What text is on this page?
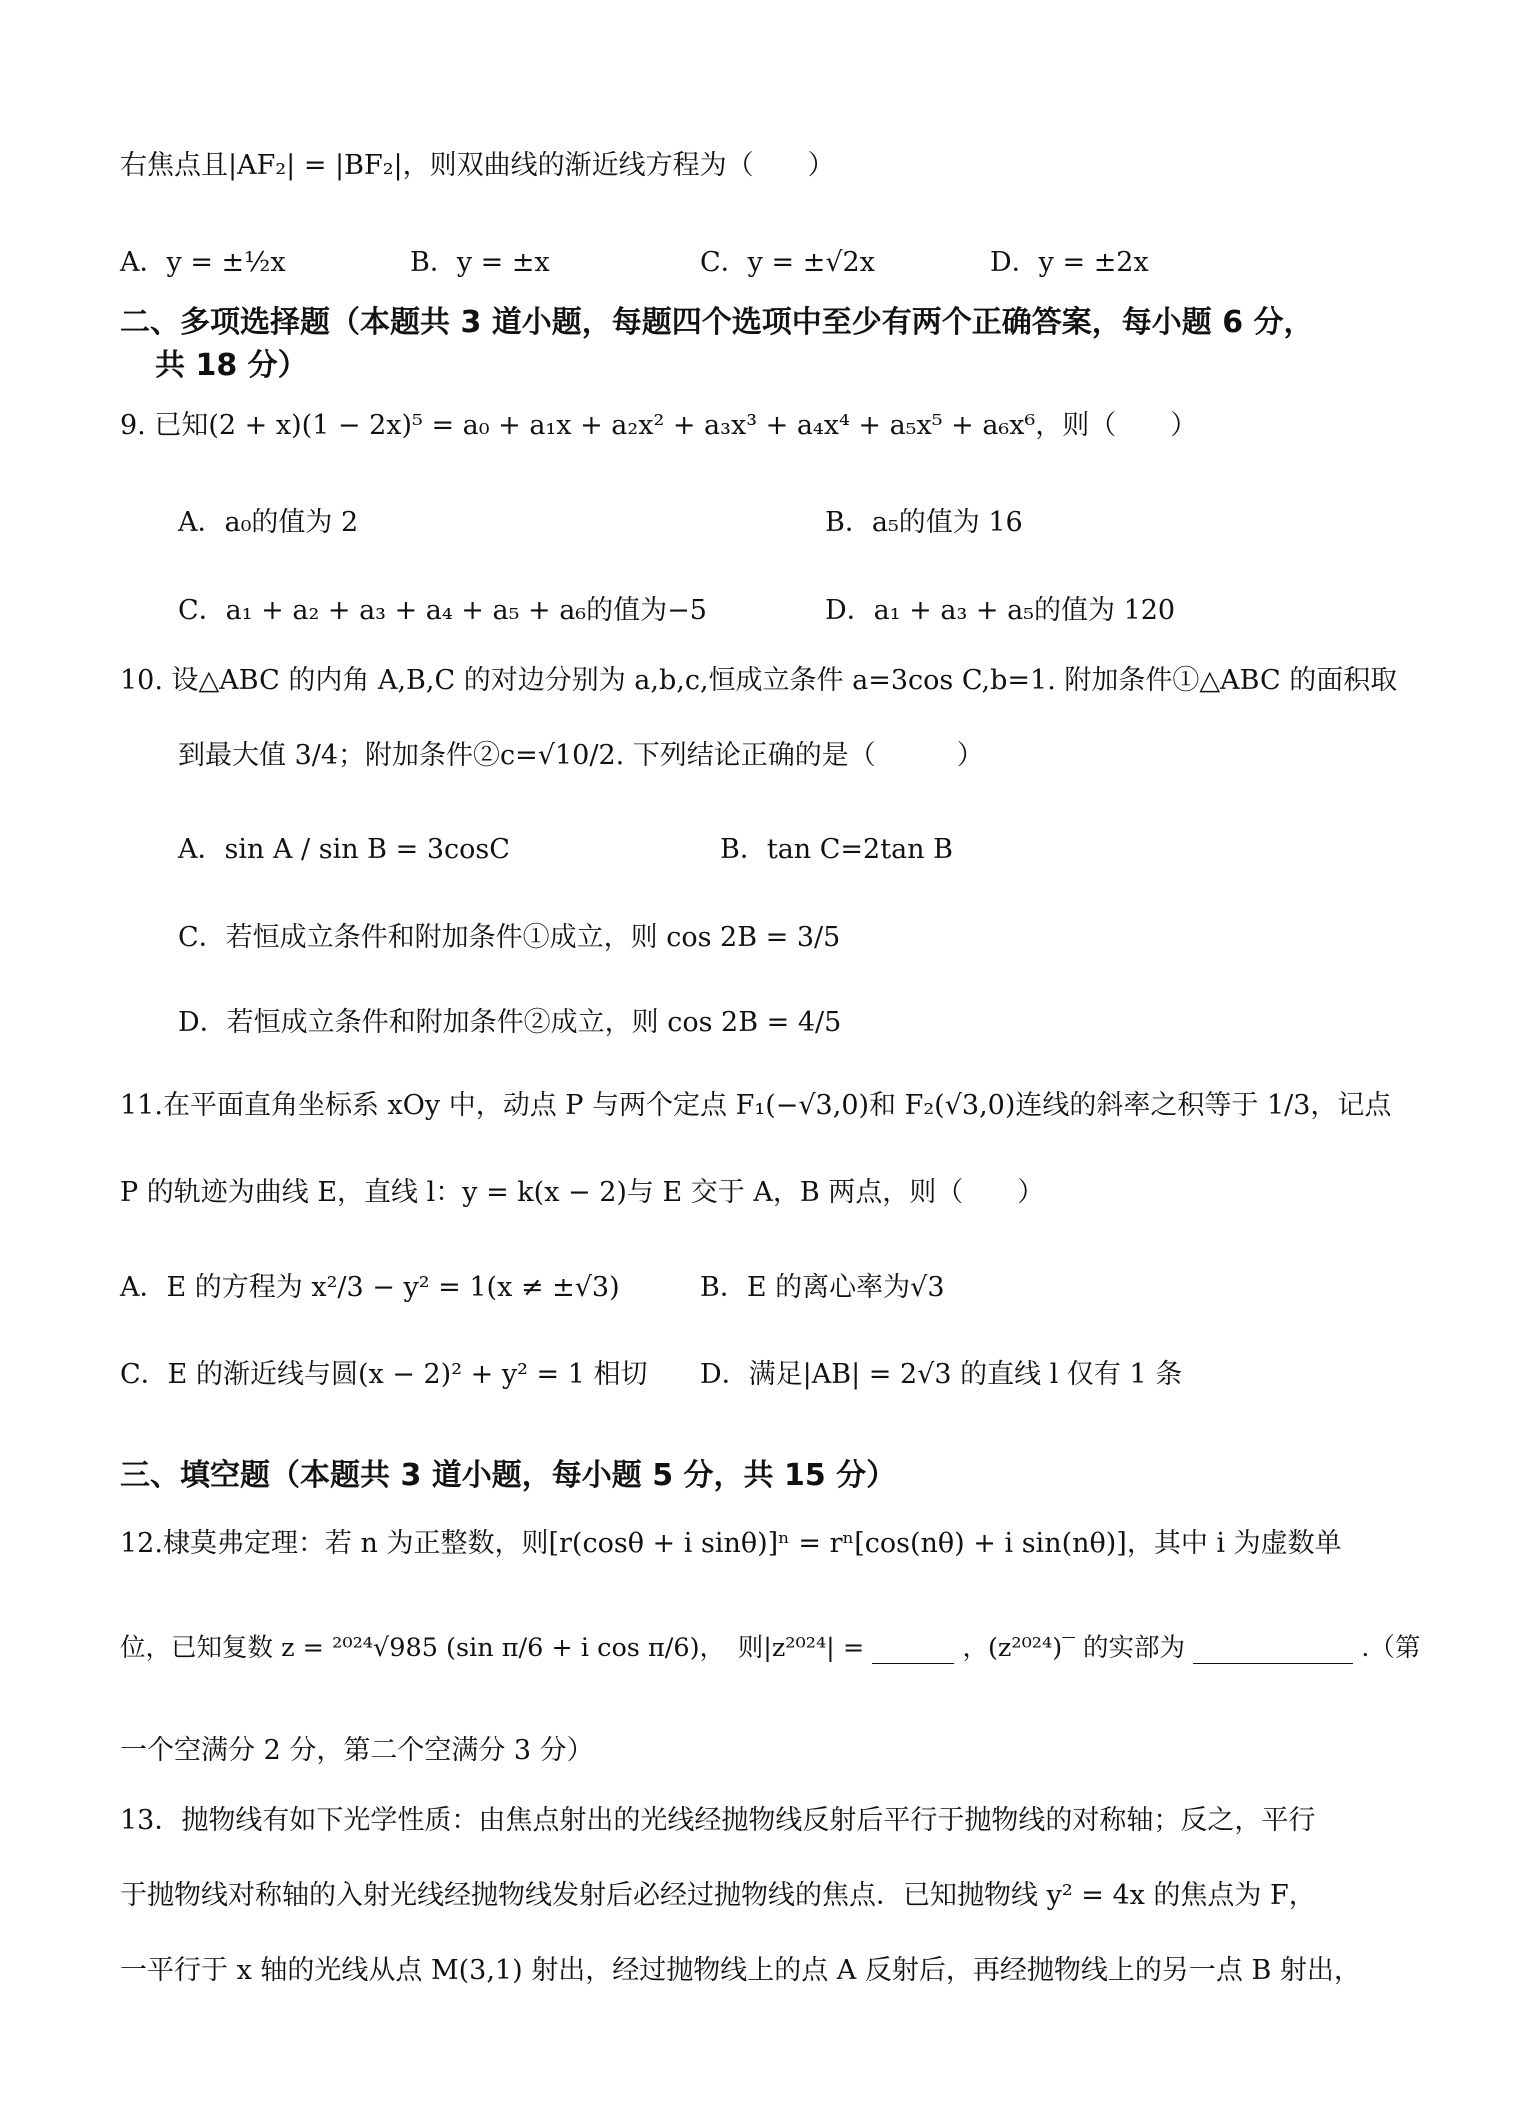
右焦点且|AF₂| = |BF₂|，则双曲线的渐近线方程为（　　）
A．y = ±½x	B．y = ±x	C．y = ±√2x	D．y = ±2x
二、多项选择题（本题共 3 道小题，每题四个选项中至少有两个正确答案，每小题 6 分，
共 18 分）
9. 已知(2 + x)(1 − 2x)⁵ = a₀ + a₁x + a₂x² + a₃x³ + a₄x⁴ + a₅x⁵ + a₆x⁶，则（　　）
A．a₀的值为 2	B．a₅的值为 16
C．a₁ + a₂ + a₃ + a₄ + a₅ + a₆的值为−5	D．a₁ + a₃ + a₅的值为 120
10. 设△ABC 的内角 A,B,C 的对边分别为 a,b,c,恒成立条件 a=3cos C,b=1. 附加条件①△ABC 的面积取
到最大值 3/4；附加条件②c=√10/2. 下列结论正确的是（　　　）
A．sin A / sin B = 3cosC	B．tan C=2tan B
C．若恒成立条件和附加条件①成立，则 cos 2B = 3/5
D．若恒成立条件和附加条件②成立，则 cos 2B = 4/5
11.在平面直角坐标系 xOy 中，动点 P 与两个定点 F₁(−√3,0)和 F₂(√3,0)连线的斜率之积等于 1/3，记点
P 的轨迹为曲线 E，直线 l：y = k(x − 2)与 E 交于 A，B 两点，则（　　）
A．E 的方程为 x²/3 − y² = 1(x ≠ ±√3)	B．E 的离心率为√3
C．E 的渐近线与圆(x − 2)² + y² = 1 相切 D．满足|AB| = 2√3 的直线 l 仅有 1 条
三、填空题（本题共 3 道小题，每小题 5 分，共 15 分）
12.棣莫弗定理：若 n 为正整数，则[r(cosθ + i sinθ)]ⁿ = rⁿ[cos(nθ) + i sin(nθ)]，其中 i 为虚数单
位，已知复数 z = ²⁰²⁴√985 (sin π/6 + i cos π/6)，　则|z²⁰²⁴| =	，(z²⁰²⁴)‾ 的实部为	.（第
一个空满分 2 分，第二个空满分 3 分）
13．抛物线有如下光学性质：由焦点射出的光线经抛物线反射后平行于抛物线的对称轴；反之，平行
于抛物线对称轴的入射光线经抛物线发射后必经过抛物线的焦点．已知抛物线 y² = 4x 的焦点为 F，
一平行于 x 轴的光线从点 M(3,1) 射出，经过抛物线上的点 A 反射后，再经抛物线上的另一点 B 射出，
